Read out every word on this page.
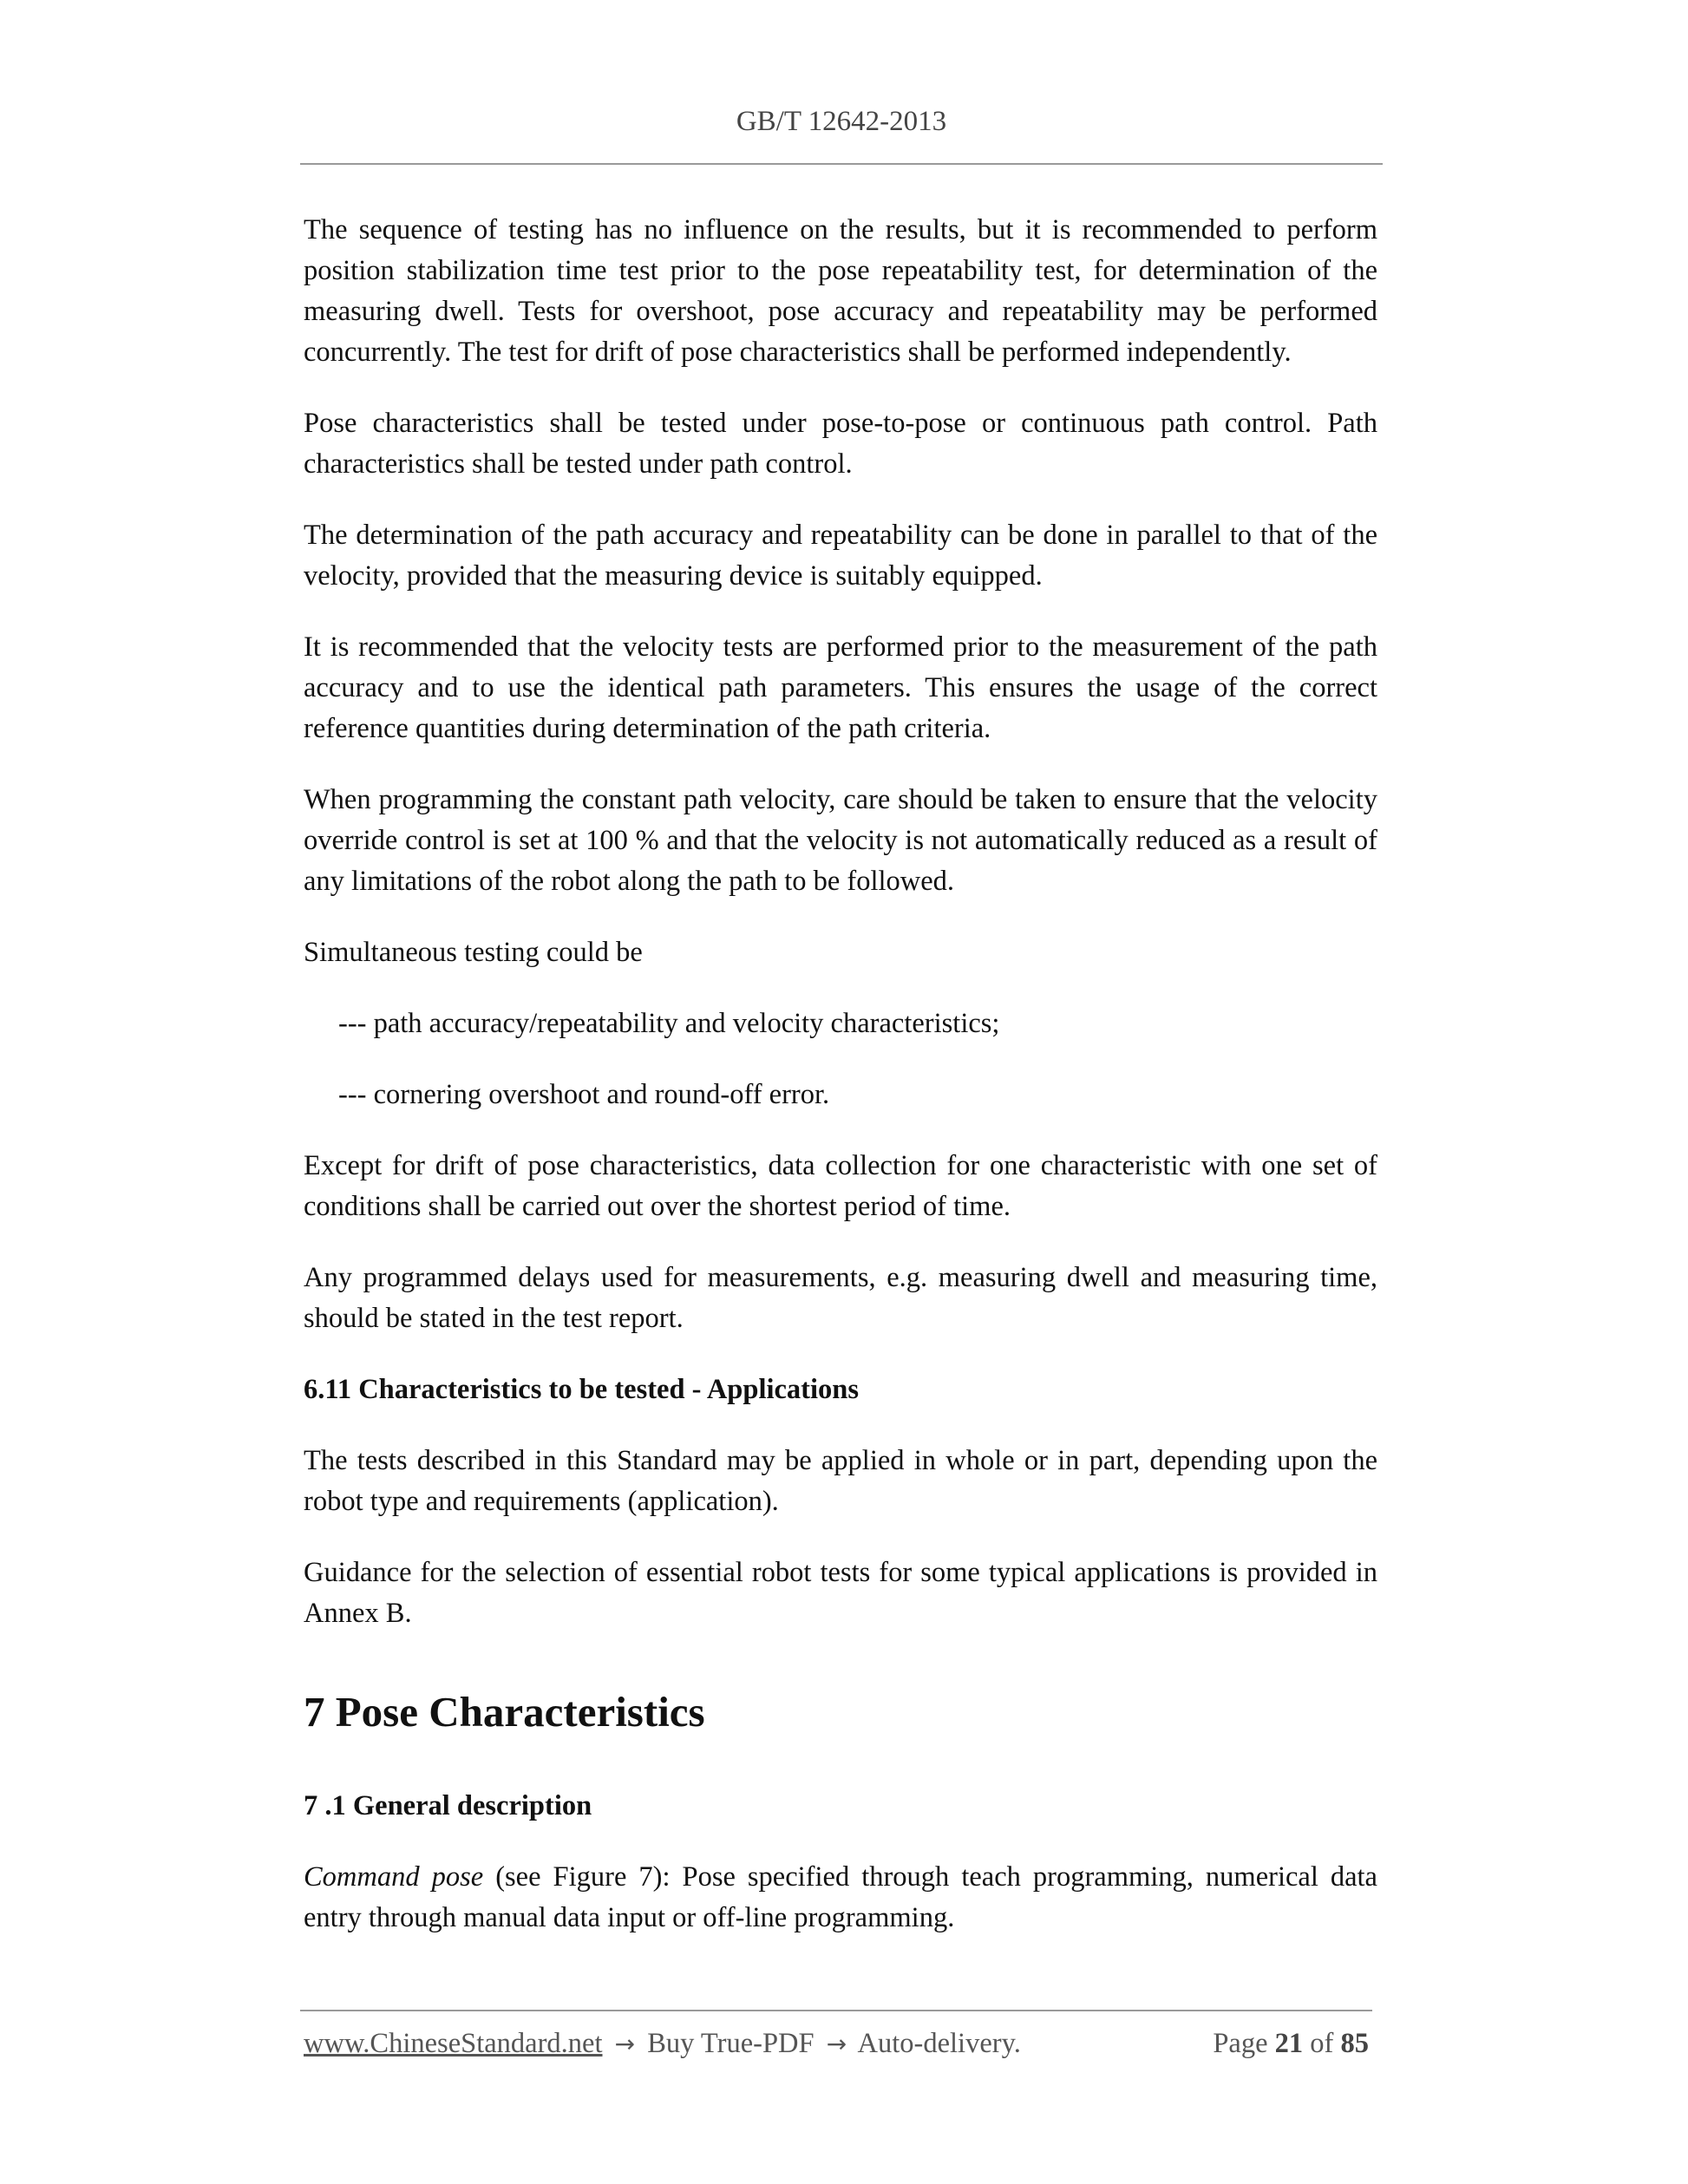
GB/T 12642-2013

The sequence of testing has no influence on the results, but it is recommended to perform position stabilization time test prior to the pose repeatability test, for determination of the measuring dwell. Tests for overshoot, pose accuracy and repeatability may be performed concurrently. The test for drift of pose characteristics shall be performed independently.

Pose characteristics shall be tested under pose-to-pose or continuous path control. Path characteristics shall be tested under path control.

The determination of the path accuracy and repeatability can be done in parallel to that of the velocity, provided that the measuring device is suitably equipped.

It is recommended that the velocity tests are performed prior to the measurement of the path accuracy and to use the identical path parameters. This ensures the usage of the correct reference quantities during determination of the path criteria.

When programming the constant path velocity, care should be taken to ensure that the velocity override control is set at 100 % and that the velocity is not automatically reduced as a result of any limitations of the robot along the path to be followed.

Simultaneous testing could be

--- path accuracy/repeatability and velocity characteristics;

--- cornering overshoot and round-off error.

Except for drift of pose characteristics, data collection for one characteristic with one set of conditions shall be carried out over the shortest period of time.

Any programmed delays used for measurements, e.g. measuring dwell and measuring time, should be stated in the test report.

6.11 Characteristics to be tested - Applications

The tests described in this Standard may be applied in whole or in part, depending upon the robot type and requirements (application).

Guidance for the selection of essential robot tests for some typical applications is provided in Annex B.

7 Pose Characteristics
7 .1 General description

Command pose (see Figure 7): Pose specified through teach programming, numerical data entry through manual data input or off-line programming.

www.ChineseStandard.net → Buy True-PDF → Auto-delivery.	Page 21 of 85
